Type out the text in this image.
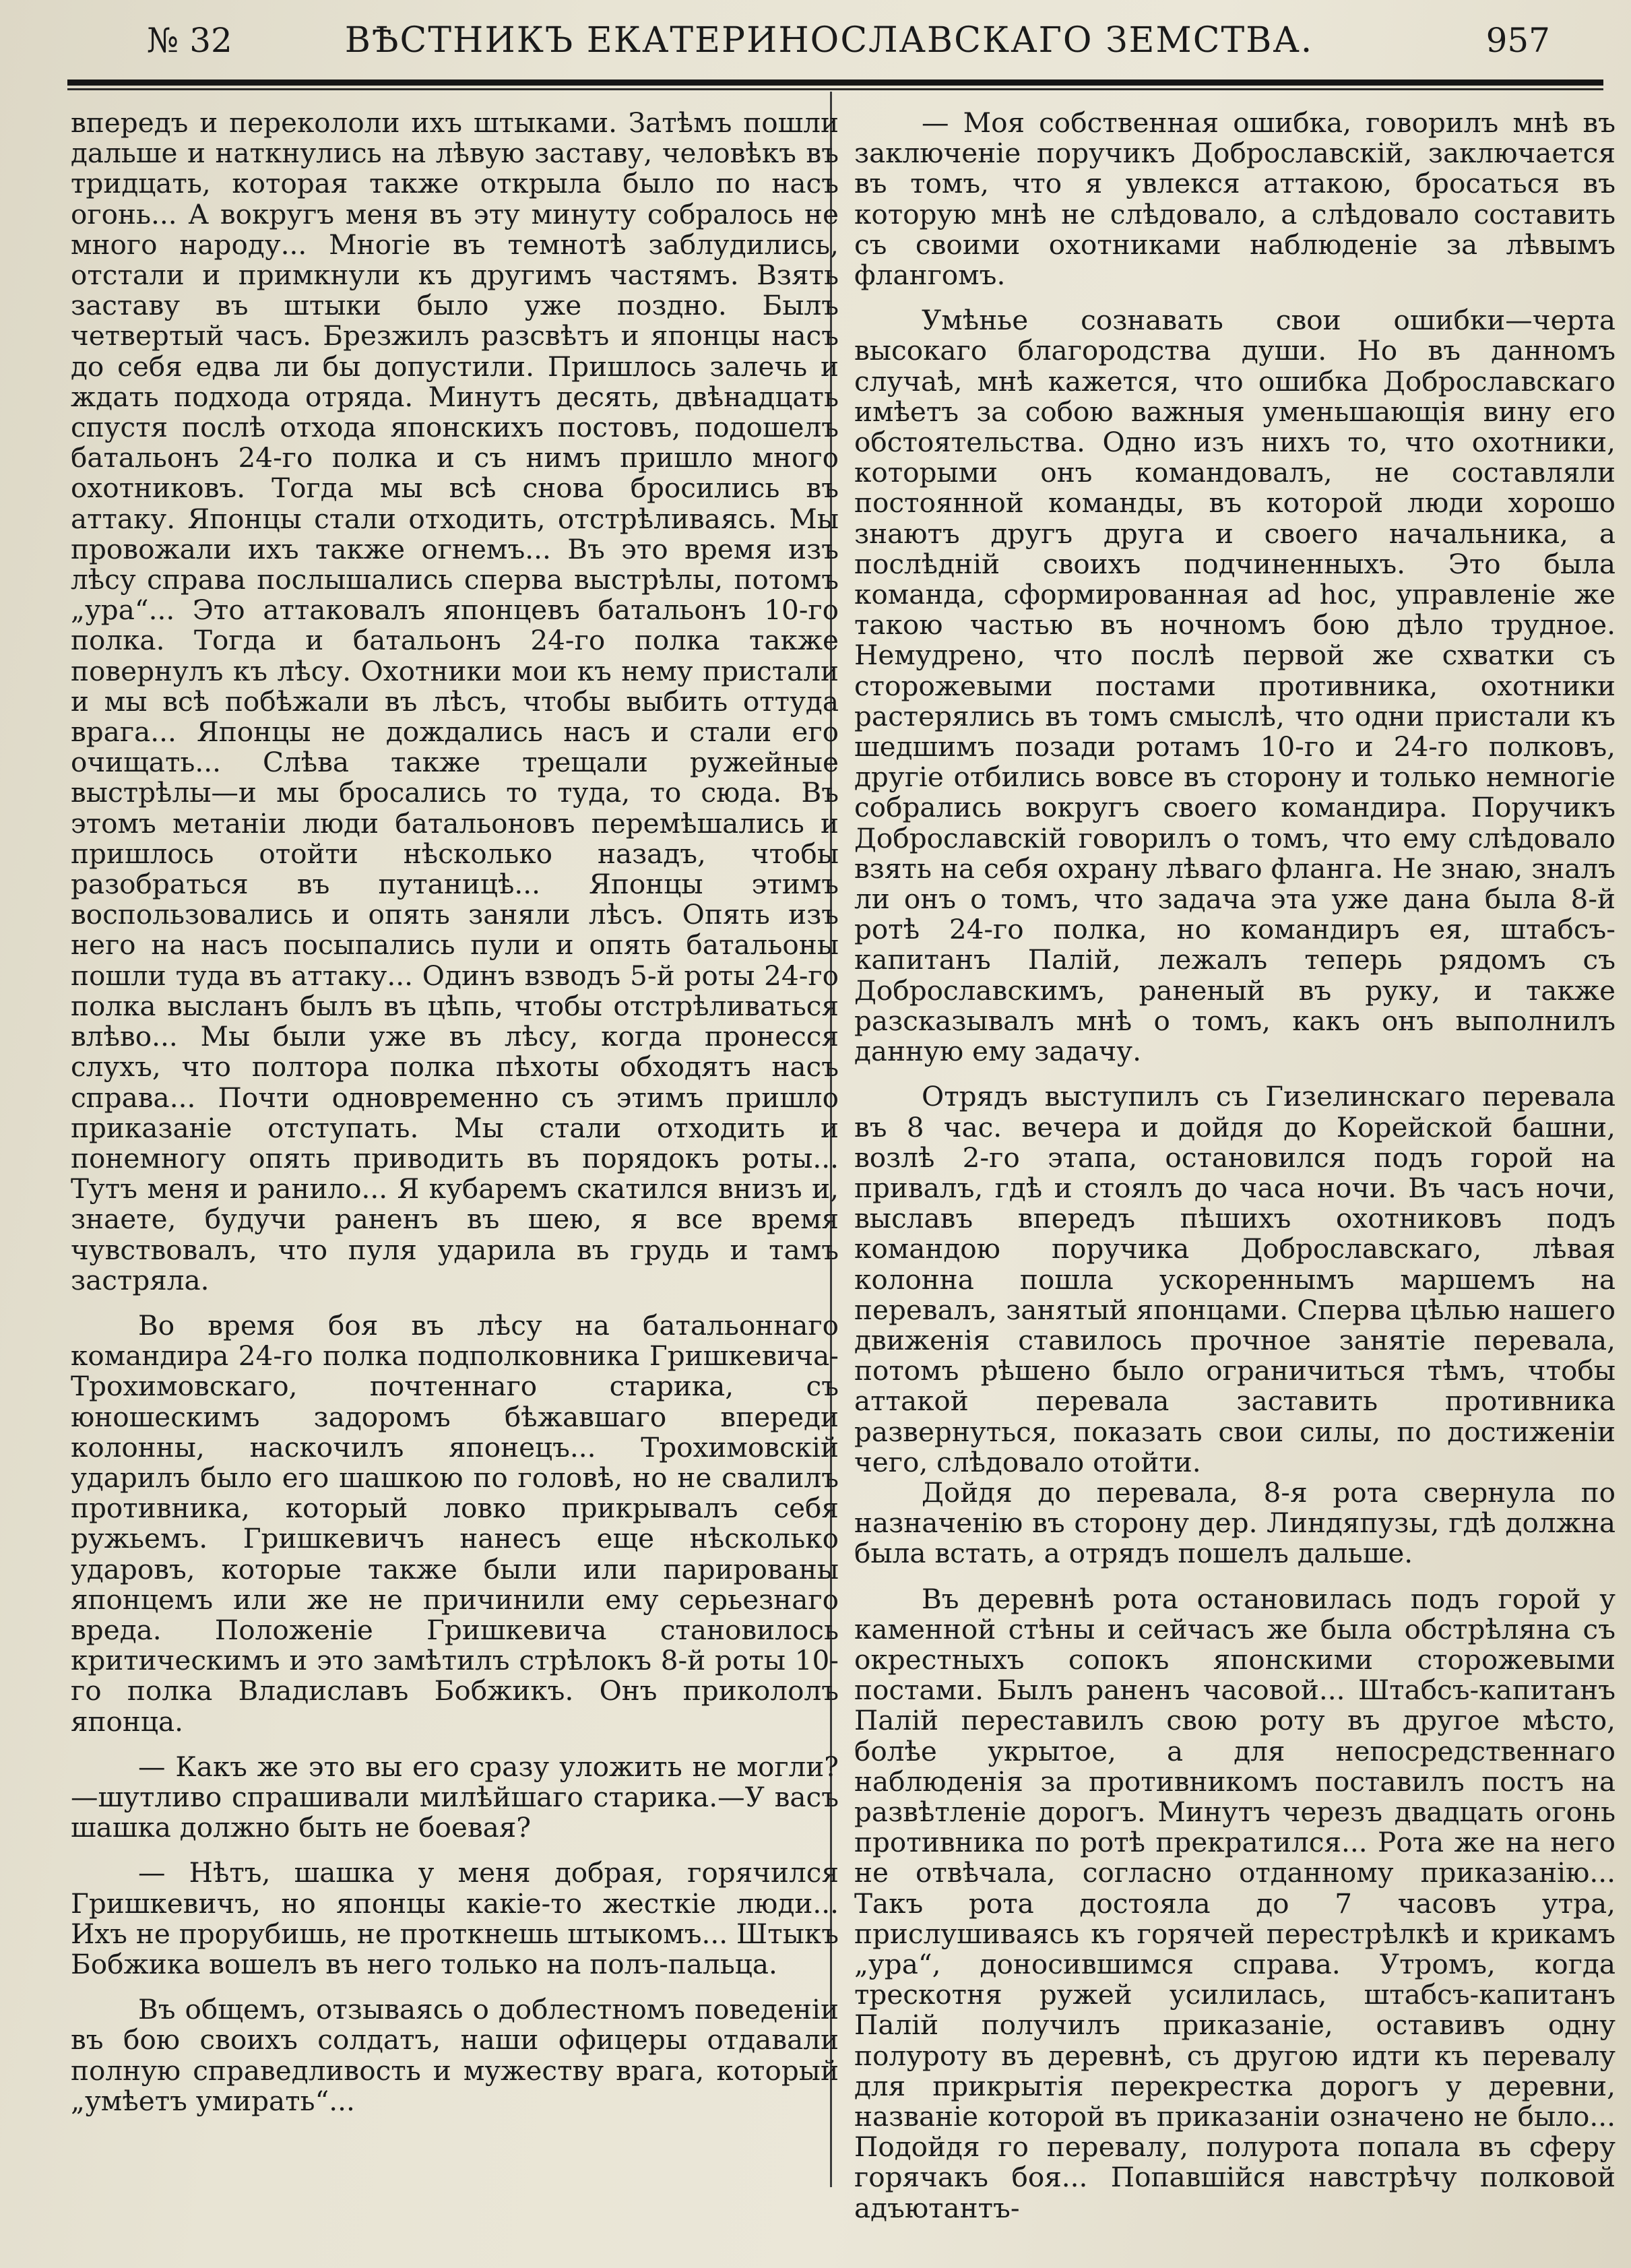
№ 32	ВѢСТНИКЪ ЕКАТЕРИНОСЛАВСКАГО ЗЕМСТВА.	957

впередъ и перекололи ихъ штыками. Затѣмъ пошли дальше и наткнулись на лѣвую заставу, человѣкъ въ тридцать, которая также открыла было по насъ огонь... А вокругъ меня въ эту минуту собралось не много народу... Многіе въ темнотѣ заблудились, отстали и примкнули къ другимъ частямъ. Взять заставу въ штыки было уже поздно. Былъ четвертый часъ. Брезжилъ разсвѣтъ и японцы насъ до себя едва ли бы допустили. Пришлось залечь и ждать подхода отряда. Минутъ десять, двѣнадцать спустя послѣ отхода японскихъ постовъ, подошелъ батальонъ 24-го полка и съ нимъ пришло много охотниковъ. Тогда мы всѣ снова бросились въ аттаку. Японцы стали отходить, отстрѣливаясь. Мы провожали ихъ также огнемъ... Въ это время изъ лѣсу справа послышались сперва выстрѣлы, потомъ „ура“... Это аттаковалъ японцевъ батальонъ 10-го полка. Тогда и батальонъ 24-го полка также повернулъ къ лѣсу. Охотники мои къ нему пристали и мы всѣ побѣжали въ лѣсъ, чтобы выбить оттуда врага... Японцы не дождались насъ и стали его очищать... Слѣва также трещали ружейные выстрѣлы—и мы бросались то туда, то сюда. Въ этомъ метаніи люди батальоновъ перемѣшались и пришлось отойти нѣсколько назадъ, чтобы разобраться въ путаницѣ... Японцы этимъ воспользовались и опять заняли лѣсъ. Опять изъ него на насъ посыпались пули и опять батальоны пошли туда въ аттаку... Одинъ взводъ 5-й роты 24-го полка высланъ былъ въ цѣпь, чтобы отстрѣливаться влѣво... Мы были уже въ лѣсу, когда пронесся слухъ, что полтора полка пѣхоты обходятъ насъ справа... Почти одновременно съ этимъ пришло приказаніе отступать. Мы стали отходить и понемногу опять приводить въ порядокъ роты... Тутъ меня и ранило... Я кубаремъ скатился внизъ и, знаете, будучи раненъ въ шею, я все время чувствовалъ, что пуля ударила въ грудь и тамъ застряла.

Во время боя въ лѣсу на батальоннаго командира 24-го полка подполковника Гришкевича-Трохимовскаго, почтеннаго старика, съ юношескимъ задоромъ бѣжавшаго впереди колонны, наскочилъ японецъ... Трохимовскій ударилъ было его шашкою по головѣ, но не свалилъ противника, который ловко прикрывалъ себя ружьемъ. Гришкевичъ нанесъ еще нѣсколько ударовъ, которые также были или парированы японцемъ или же не причинили ему серьезнаго вреда. Положеніе Гришкевича становилось критическимъ и это замѣтилъ стрѣлокъ 8-й роты 10-го полка Владиславъ Бобжикъ. Онъ прикололъ японца.

— Какъ же это вы его сразу уложить не могли?—шутливо спрашивали милѣйшаго старика.—У васъ шашка должно быть не боевая?

— Нѣтъ, шашка у меня добрая, горячился Гришкевичъ, но японцы какіе-то жесткіе люди... Ихъ не прорубишь, не проткнешь штыкомъ... Штыкъ Бобжика вошелъ въ него только на полъ-пальца.

Въ общемъ, отзываясь о доблестномъ поведеніи въ бою своихъ солдатъ, наши офицеры отдавали полную справедливость и мужеству врага, который „умѣетъ умирать“...

— Моя собственная ошибка, говорилъ мнѣ въ заключеніе поручикъ Доброславскій, заключается въ томъ, что я увлекся аттакою, бросаться въ которую мнѣ не слѣдовало, а слѣдовало составить съ своими охотниками наблюденіе за лѣвымъ флангомъ.

Умѣнье сознавать свои ошибки—черта высокаго благородства души. Но въ данномъ случаѣ, мнѣ кажется, что ошибка Доброславскаго имѣетъ за собою важныя уменьшающія вину его обстоятельства. Одно изъ нихъ то, что охотники, которыми онъ командовалъ, не составляли постоянной команды, въ которой люди хорошо знаютъ другъ друга и своего начальника, а послѣдній своихъ подчиненныхъ. Это была команда, сформированная ad hoc, управленіе же такою частью въ ночномъ бою дѣло трудное. Немудрено, что послѣ первой же схватки съ сторожевыми постами противника, охотники растерялись въ томъ смыслѣ, что одни пристали къ шедшимъ позади ротамъ 10-го и 24-го полковъ, другіе отбились вовсе въ сторону и только немногіе собрались вокругъ своего командира. Поручикъ Доброславскій говорилъ о томъ, что ему слѣдовало взять на себя охрану лѣваго фланга. Не знаю, зналъ ли онъ о томъ, что задача эта уже дана была 8-й ротѣ 24-го полка, но командиръ ея, штабсъ-капитанъ Палій, лежалъ теперь рядомъ съ Доброславскимъ, раненый въ руку, и также разсказывалъ мнѣ о томъ, какъ онъ выполнилъ данную ему задачу.

Отрядъ выступилъ съ Гизелинскаго перевала въ 8 час. вечера и дойдя до Корейской башни, возлѣ 2-го этапа, остановился подъ горой на привалъ, гдѣ и стоялъ до часа ночи. Въ часъ ночи, выславъ впередъ пѣшихъ охотниковъ подъ командою поручика Доброславскаго, лѣвая колонна пошла ускореннымъ маршемъ на перевалъ, занятый японцами. Сперва цѣлью нашего движенія ставилось прочное занятіе перевала, потомъ рѣшено было ограничиться тѣмъ, чтобы аттакой перевала заставить противника развернуться, показать свои силы, по достиженіи чего, слѣдовало отойти.

Дойдя до перевала, 8-я рота свернула по назначенію въ сторону дер. Линдяпузы, гдѣ должна была встать, а отрядъ пошелъ дальше.

Въ деревнѣ рота остановилась подъ горой у каменной стѣны и сейчасъ же была обстрѣляна съ окрестныхъ сопокъ японскими сторожевыми постами. Былъ раненъ часовой... Штабсъ-капитанъ Палій переставилъ свою роту въ другое мѣсто, болѣе укрытое, а для непосредственнаго наблюденія за противникомъ поставилъ постъ на развѣтленіе дорогъ. Минутъ черезъ двадцать огонь противника по ротѣ прекратился... Рота же на него не отвѣчала, согласно отданному приказанію... Такъ рота достояла до 7 часовъ утра, прислушиваясь къ горячей перестрѣлкѣ и крикамъ „ура“, доносившимся справа. Утромъ, когда трескотня ружей усилилась, штабсъ-капитанъ Палій получилъ приказаніе, оставивъ одну полуроту въ деревнѣ, съ другою идти къ перевалу для прикрытія перекрестка дорогъ у деревни, названіе которой въ приказаніи означено не было... Подойдя го перевалу, полурота попала въ сферу горячакъ боя... Попавшійся навстрѣчу полковой адъютантъ-
